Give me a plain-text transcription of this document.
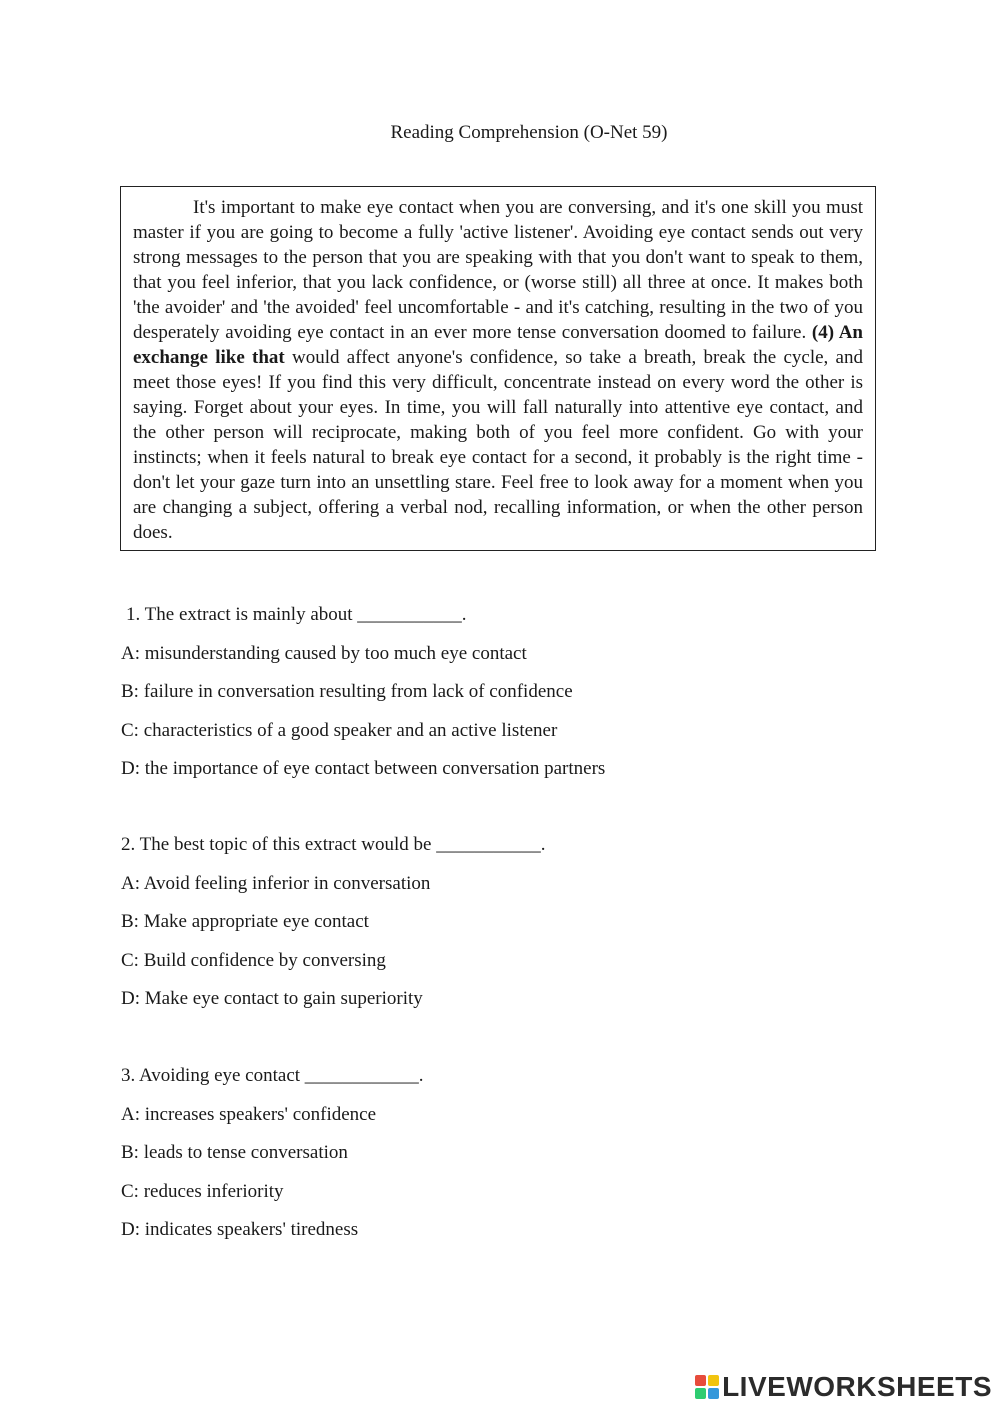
Reading Comprehension (O-Net 59)

It's important to make eye contact when you are conversing, and it's one skill you must master if you are going to become a fully 'active listener'. Avoiding eye contact sends out very strong messages to the person that you are speaking with that you don't want to speak to them, that you feel inferior, that you lack confidence, or (worse still) all three at once. It makes both 'the avoider' and 'the avoided' feel uncomfortable - and it's catching, resulting in the two of you desperately avoiding eye contact in an ever more tense conversation doomed to failure. (4) An exchange like that would affect anyone's confidence, so take a breath, break the cycle, and meet those eyes! If you find this very difficult, concentrate instead on every word the other is saying. Forget about your eyes. In time, you will fall naturally into attentive eye contact, and the other person will reciprocate, making both of you feel more confident. Go with your instincts; when it feels natural to break eye contact for a second, it probably is the right time - don't let your gaze turn into an unsettling stare. Feel free to look away for a moment when you are changing a subject, offering a verbal nod, recalling information, or when the other person does.

1. The extract is mainly about ___________.
A: misunderstanding caused by too much eye contact
B: failure in conversation resulting from lack of confidence
C: characteristics of a good speaker and an active listener
D: the importance of eye contact between conversation partners
2. The best topic of this extract would be ___________.
A: Avoid feeling inferior in conversation
B: Make appropriate eye contact
C: Build confidence by conversing
D: Make eye contact to gain superiority
3. Avoiding eye contact ____________.
A: increases speakers' confidence
B: leads to tense conversation
C: reduces inferiority
D: indicates speakers' tiredness
LIVEWORKSHEETS
